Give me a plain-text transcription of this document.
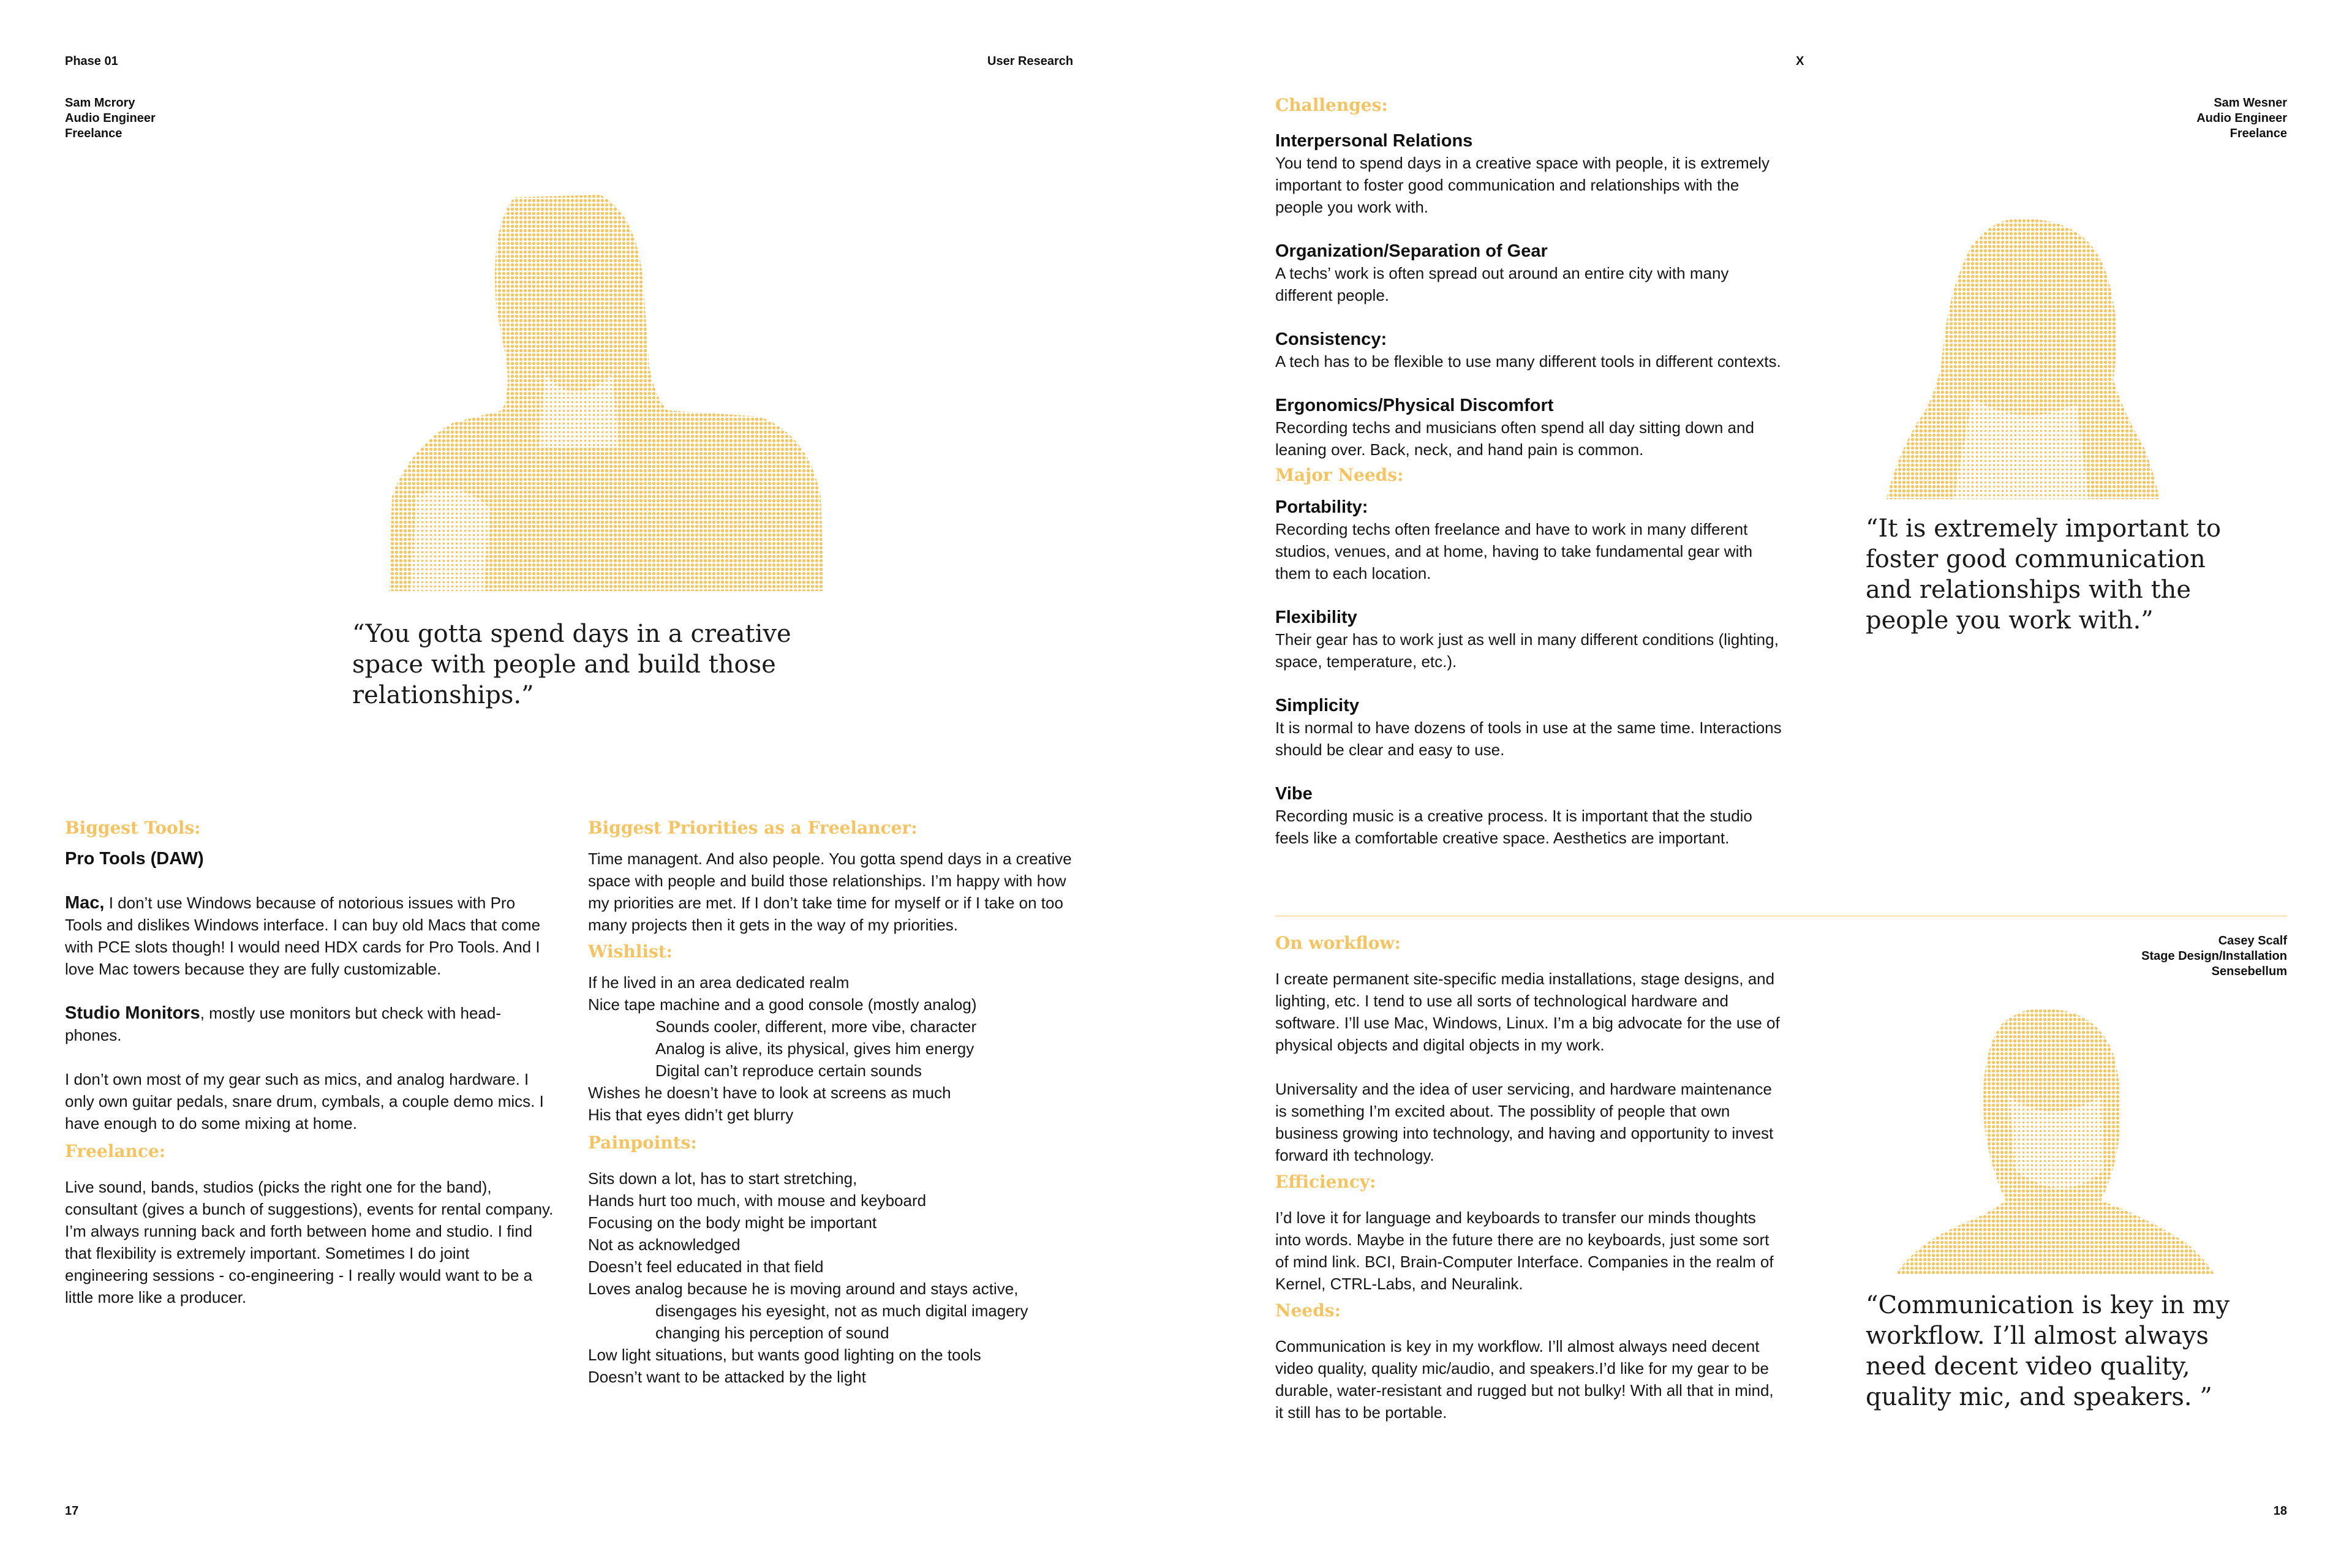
Phase 01	User Research	X
Sam Mcrory
Audio Engineer
Freelance
“You gotta spend days in a creative space with people and build those relationships.”
Biggest Tools:
Pro Tools (DAW)

Mac, I don’t use Windows because of notorious issues with Pro Tools and dislikes Windows interface. I can buy old Macs that come with PCE slots though! I would need HDX cards for Pro Tools. And I love Mac towers because they are fully customizable.

Studio Monitors, mostly use monitors but check with head-phones.

I don’t own most of my gear such as mics, and analog hardware. I only own guitar pedals, snare drum, cymbals, a couple demo mics. I have enough to do some mixing at home.

Freelance:

Live sound, bands, studios (picks the right one for the band), consultant (gives a bunch of suggestions), events for rental company. I’m always running back and forth between home and studio. I find that flexibility is extremely important. Sometimes I do joint engineering sessions - co-engineering - I really would want to be a little more like a producer.

Biggest Priorities as a Freelancer:

Time managent. And also people. You gotta spend days in a creative space with people and build those relationships. I’m happy with how my priorities are met. If I don’t take time for myself or if I take on too many projects then it gets in the way of my priorities.

Wishlist:

If he lived in an area dedicated realm

Nice tape machine and a good console (mostly analog)

Sounds cooler, different, more vibe, character

Analog is alive, its physical, gives him energy

Digital can’t reproduce certain sounds

Wishes he doesn’t have to look at screens as much

His that eyes didn’t get blurry

Painpoints:

Sits down a lot, has to start stretching,

Hands hurt too much, with mouse and keyboard

Focusing on the body might be important

Not as acknowledged

Doesn’t feel educated in that field

Loves analog because he is moving around and stays active,

disengages his eyesight, not as much digital imagery

changing his perception of sound

Low light situations, but wants good lighting on the tools

Doesn’t want to be attacked by the light

Challenges:
Interpersonal Relations

You tend to spend days in a creative space with people, it is extremely important to foster good communication and relationships with the people you work with.

Organization/Separation of Gear

A techs’ work is often spread out around an entire city with many different people.

Consistency:

A tech has to be flexible to use many different tools in different contexts.

Ergonomics/Physical Discomfort

Recording techs and musicians often spend all day sitting down and leaning over. Back, neck, and hand pain is common.

Major Needs:
Portability:

Recording techs often freelance and have to work in many different studios, venues, and at home, having to take fundamental gear with them to each location.

Flexibility

Their gear has to work just as well in many different conditions (lighting, space, temperature, etc.).

Simplicity

It is normal to have dozens of tools in use at the same time. Interactions should be clear and easy to use.

Vibe

Recording music is a creative process. It is important that the studio feels like a comfortable creative space. Aesthetics are important.

Sam Wesner
Audio Engineer
Freelance
“It is extremely important to foster good communication and relationships with the people you work with.”
Casey Scalf
Stage Design/Installation
Sensebellum
On workflow:

I create permanent site-specific media installations, stage designs, and lighting, etc. I tend to use all sorts of technological hardware and software. I’ll use Mac, Windows, Linux. I’m a big advocate for the use of physical objects and digital objects in my work.

Universality and the idea of user servicing, and hardware maintenance is something I’m excited about. The possiblity of people that own business growing into technology, and having and opportunity to invest forward ith technology.

Efficiency:

I’d love it for language and keyboards to transfer our minds thoughts into words. Maybe in the future there are no keyboards, just some sort of mind link. BCI, Brain-Computer Interface. Companies in the realm of Kernel, CTRL-Labs, and Neuralink.

Needs:

Communication is key in my workflow. I’ll almost always need decent video quality, quality mic/audio, and speakers.I’d like for my gear to be durable, water-resistant and rugged but not bulky! With all that in mind, it still has to be portable.

“Communication is key in my workflow. I’ll almost always need decent video quality, quality mic, and speakers. ”
17	18
